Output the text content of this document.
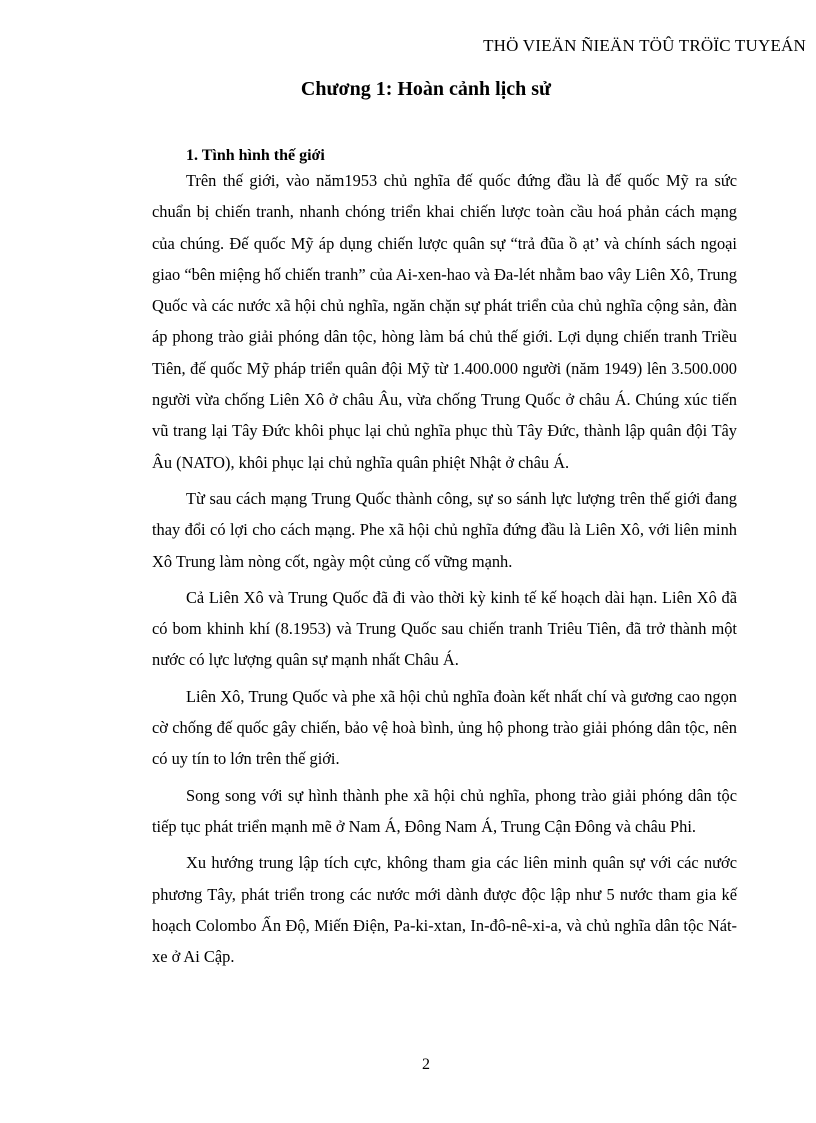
THÖ VIEÄN ÑIEÄN TÖÛ TRÖÏC TUYEÁN
Chương 1: Hoàn cảnh lịch sử
1. Tình hình thế giới

Trên thế giới, vào năm1953 chủ nghĩa đế quốc đứng đầu là đế quốc Mỹ ra sức chuẩn bị chiến tranh, nhanh chóng triển khai chiến lược toàn cầu hoá phản cách mạng của chúng. Đế quốc Mỹ áp dụng chiến lược quân sự “trả đũa ồ ạt’ và chính sách ngoại giao “bên miệng hố chiến tranh” của Ai-xen-hao và Đa-lét nhằm bao vây Liên Xô, Trung Quốc và các nước xã hội chủ nghĩa, ngăn chặn sự phát triển của chủ nghĩa cộng sản, đàn áp phong trào giải phóng dân tộc, hòng làm bá chủ thế giới. Lợi dụng chiến tranh Triều Tiên, đế quốc Mỹ pháp triển quân đội Mỹ từ 1.400.000 người (năm 1949) lên 3.500.000 người vừa chống Liên Xô ở châu Âu, vừa chống Trung Quốc ở châu Á. Chúng xúc tiến vũ trang lại Tây Đức khôi phục lại chủ nghĩa phục thù Tây Đức, thành lập quân đội Tây Âu (NATO), khôi phục lại chủ nghĩa quân phiệt Nhật ở châu Á.

Từ sau cách mạng Trung Quốc thành công, sự so sánh lực lượng trên thế giới đang thay đổi có lợi cho cách mạng. Phe xã hội chủ nghĩa đứng đầu là Liên Xô, với liên minh Xô Trung làm nòng cốt, ngày một củng cố vững mạnh.

Cả Liên Xô và Trung Quốc đã đi vào thời kỳ kinh tế kế hoạch dài hạn. Liên Xô đã có bom khinh khí (8.1953) và Trung Quốc sau chiến tranh Triêu Tiên, đã trở thành một nước có lực lượng quân sự mạnh nhất Châu Á.

Liên Xô, Trung Quốc và phe xã hội chủ nghĩa đoàn kết nhất chí và gương cao ngọn cờ chống đế quốc gây chiến, bảo vệ hoà bình, ủng hộ phong trào giải phóng dân tộc, nên có uy tín to lớn trên thế giới.

Song song với sự hình thành phe xã hội chủ nghĩa, phong trào giải phóng dân tộc tiếp tục phát triển mạnh mẽ ở Nam Á, Đông Nam Á, Trung Cận Đông và châu Phi.

Xu hướng trung lập tích cực, không tham gia các liên minh quân sự với các nước phương Tây, phát triển trong các nước mới dành được độc lập như 5 nước tham gia kế hoạch Colombo Ấn Độ, Miến Điện, Pa-ki-xtan, In-đô-nê-xi-a, và chủ nghĩa dân tộc Nát-xe ở Ai Cập.

2
